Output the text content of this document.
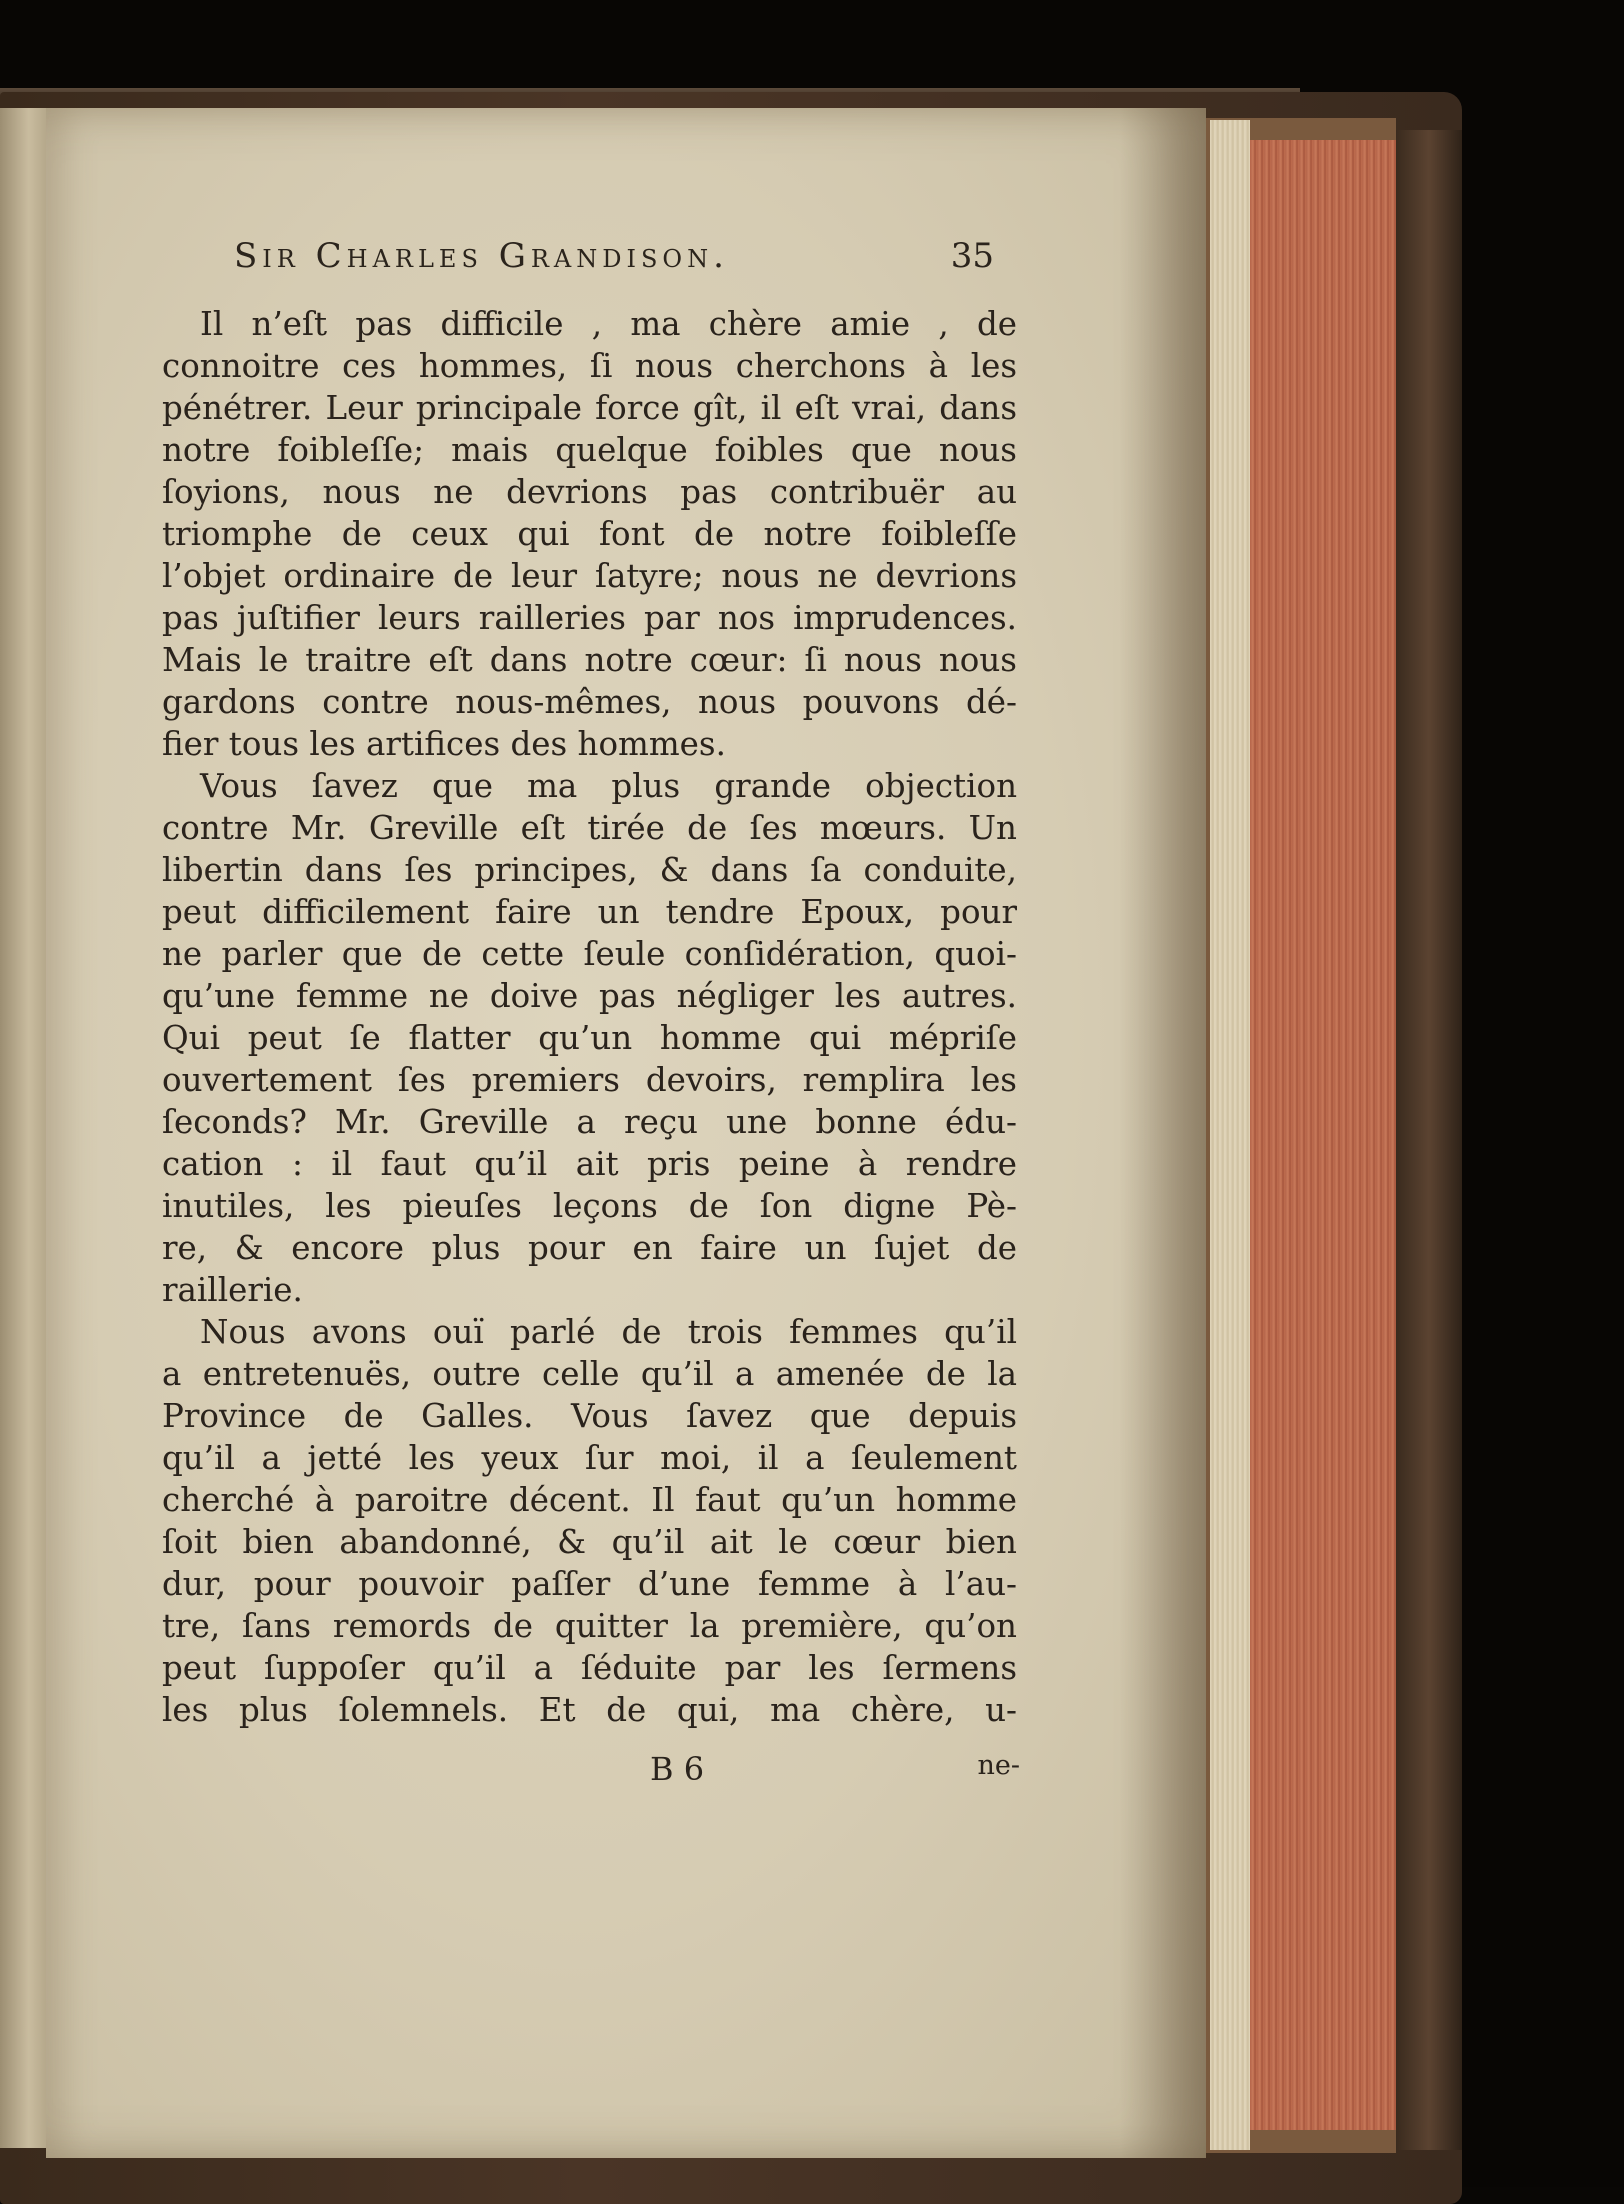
Sir Charles Grandison.	35
Il n’eſt pas difficile , ma chère amie , de
connoitre ces hommes, ſi nous cherchons à les
pénétrer. Leur principale force gît, il eſt vrai, dans
notre foibleſſe; mais quelque foibles que nous
ſoyions, nous ne devrions pas contribuër au
triomphe de ceux qui font de notre foibleſſe
l’objet ordinaire de leur ſatyre; nous ne devrions
pas juſtifier leurs railleries par nos imprudences.
Mais le traitre eſt dans notre cœur: ſi nous nous
gardons contre nous-mêmes, nous pouvons dé-
fier tous les artifices des hommes.
Vous ſavez que ma plus grande objection
contre Mr. Greville eſt tirée de ſes mœurs. Un
libertin dans ſes principes, & dans ſa conduite,
peut difficilement faire un tendre Epoux, pour
ne parler que de cette ſeule conſidération, quoi-
qu’une femme ne doive pas négliger les autres.
Qui peut ſe flatter qu’un homme qui mépriſe
ouvertement ſes premiers devoirs, remplira les
ſeconds? Mr. Greville a reçu une bonne édu-
cation : il faut qu’il ait pris peine à rendre
inutiles, les pieuſes leçons de ſon digne Pè-
re, & encore plus pour en faire un ſujet de
raillerie.
Nous avons ouï parlé de trois femmes qu’il
a entretenuës, outre celle qu’il a amenée de la
Province de Galles. Vous ſavez que depuis
qu’il a jetté les yeux ſur moi, il a ſeulement
cherché à paroitre décent. Il faut qu’un homme
ſoit bien abandonné, & qu’il ait le cœur bien
dur, pour pouvoir paſſer d’une femme à l’au-
tre, ſans remords de quitter la première, qu’on
peut ſuppoſer qu’il a ſéduite par les ſermens
les plus ſolemnels. Et de qui, ma chère, u-
B 6	ne-
